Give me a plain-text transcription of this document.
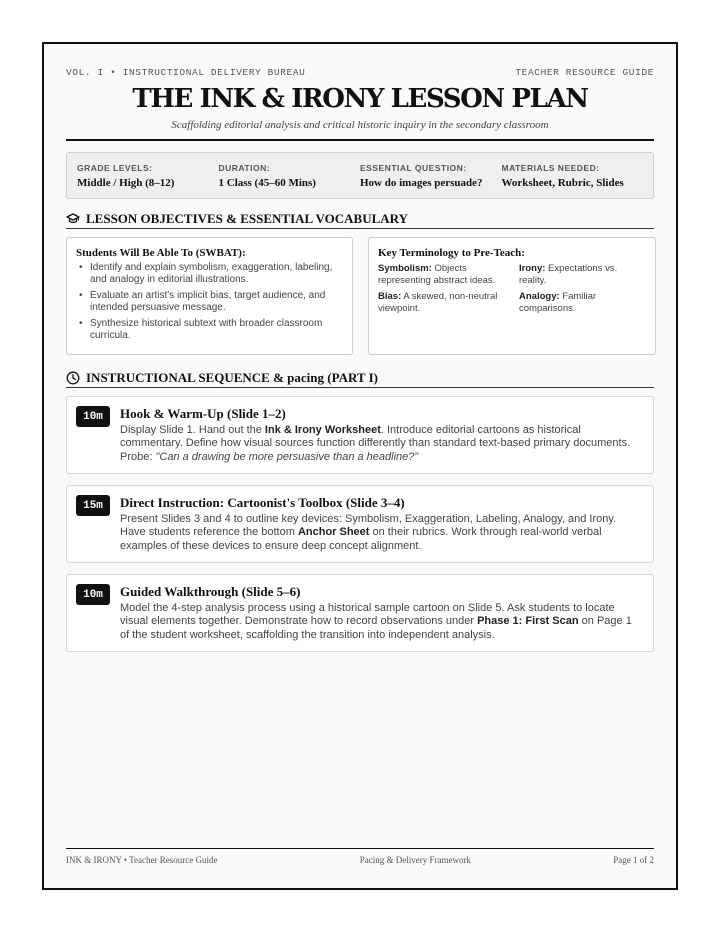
VOL. I • INSTRUCTIONAL DELIVERY BUREAU	TEACHER RESOURCE GUIDE
THE INK & IRONY LESSON PLAN
Scaffolding editorial analysis and critical historic inquiry in the secondary classroom
GRADE LEVELS:
Middle / High (8–12)
DURATION:
1 Class (45–60 Mins)
ESSENTIAL QUESTION:
How do images persuade?
MATERIALS NEEDED:
Worksheet, Rubric, Slides
LESSON OBJECTIVES & ESSENTIAL VOCABULARY
Students Will Be Able To (SWBAT):
• Identify and explain symbolism, exaggeration, labeling, and analogy in editorial illustrations.
• Evaluate an artist's implicit bias, target audience, and intended persuasive message.
• Synthesize historical subtext with broader classroom curricula.
Key Terminology to Pre-Teach:
Symbolism: Objects representing abstract ideas.
Irony: Expectations vs. reality.
Bias: A skewed, non-neutral viewpoint.
Analogy: Familiar comparisons.
INSTRUCTIONAL SEQUENCE & pacing (PART I)
10m	Hook & Warm-Up (Slide 1–2)
Display Slide 1. Hand out the Ink & Irony Worksheet. Introduce editorial cartoons as historical commentary. Define how visual sources function differently than standard text-based primary documents. Probe: "Can a drawing be more persuasive than a headline?"
15m	Direct Instruction: Cartoonist's Toolbox (Slide 3–4)
Present Slides 3 and 4 to outline key devices: Symbolism, Exaggeration, Labeling, Analogy, and Irony. Have students reference the bottom Anchor Sheet on their rubrics. Work through real-world verbal examples of these devices to ensure deep concept alignment.
10m	Guided Walkthrough (Slide 5–6)
Model the 4-step analysis process using a historical sample cartoon on Slide 5. Ask students to locate visual elements together. Demonstrate how to record observations under Phase 1: First Scan on Page 1 of the student worksheet, scaffolding the transition into independent analysis.
INK & IRONY • Teacher Resource Guide	Pacing & Delivery Framework	Page 1 of 2
